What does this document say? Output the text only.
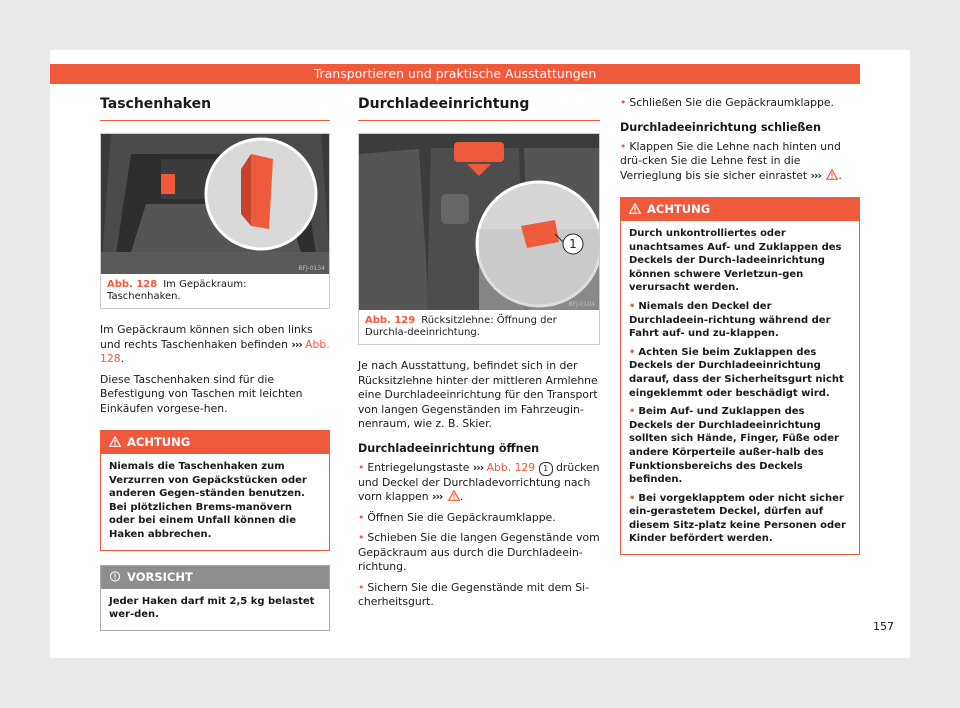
Transportieren und praktische Ausstattungen
Taschenhaken
BFJ-0134
Abb. 128 Im Gepäckraum: Taschenhaken.

Im Gepäckraum können sich oben links und rechts Taschenhaken befinden ››› Abb. 128.

Diese Taschenhaken sind für die Befestigung von Taschen mit leichten Einkäufen vorgese-hen.

ACHTUNG
Niemals die Taschenhaken zum Verzurren von Gepäckstücken oder anderen Gegen-ständen benutzen. Bei plötzlichen Brems-manövern oder bei einem Unfall können die Haken abbrechen.
VORSICHT
Jeder Haken darf mit 2,5 kg belastet wer-den.
Durchladeeinrichtung
1
BFJ-0104
Abb. 129 Rücksitzlehne: Öffnung der Durchla-deeinrichtung.

Je nach Ausstattung, befindet sich in der Rücksitzlehne hinter der mittleren Armlehne eine Durchladeeinrichtung für den Transport von langen Gegenständen im Fahrzeugin-nenraum, wie z. B. Skier.

Durchladeeinrichtung öffnen

• Entriegelungstaste ››› Abb. 129 1 drücken und Deckel der Durchladevorrichtung nach vorn klappen ››› .

• Öffnen Sie die Gepäckraumklappe.

• Schieben Sie die langen Gegenstände vom Gepäckraum aus durch die Durchladeein-richtung.

• Sichern Sie die Gegenstände mit dem Si-cherheitsgurt.

• Schließen Sie die Gepäckraumklappe.

Durchladeeinrichtung schließen

• Klappen Sie die Lehne nach hinten und drü-cken Sie die Lehne fest in die Verrieglung bis sie sicher einrastet ››› .

ACHTUNG
Durch unkontrolliertes oder unachtsames Auf- und Zuklappen des Deckels der Durch-ladeeinrichtung können schwere Verletzun-gen verursacht werden.
• Niemals den Deckel der Durchladeein-richtung während der Fahrt auf- und zu-klappen.
• Achten Sie beim Zuklappen des Deckels der Durchladeeinrichtung darauf, dass der Sicherheitsgurt nicht eingeklemmt oder beschädigt wird.
• Beim Auf- und Zuklappen des Deckels der Durchladeeinrichtung sollten sich Hände, Finger, Füße oder andere Körperteile außer-halb des Funktionsbereichs des Deckels befinden.
• Bei vorgeklapptem oder nicht sicher ein-gerastetem Deckel, dürfen auf diesem Sitz-platz keine Personen oder Kinder befördert werden.
157
